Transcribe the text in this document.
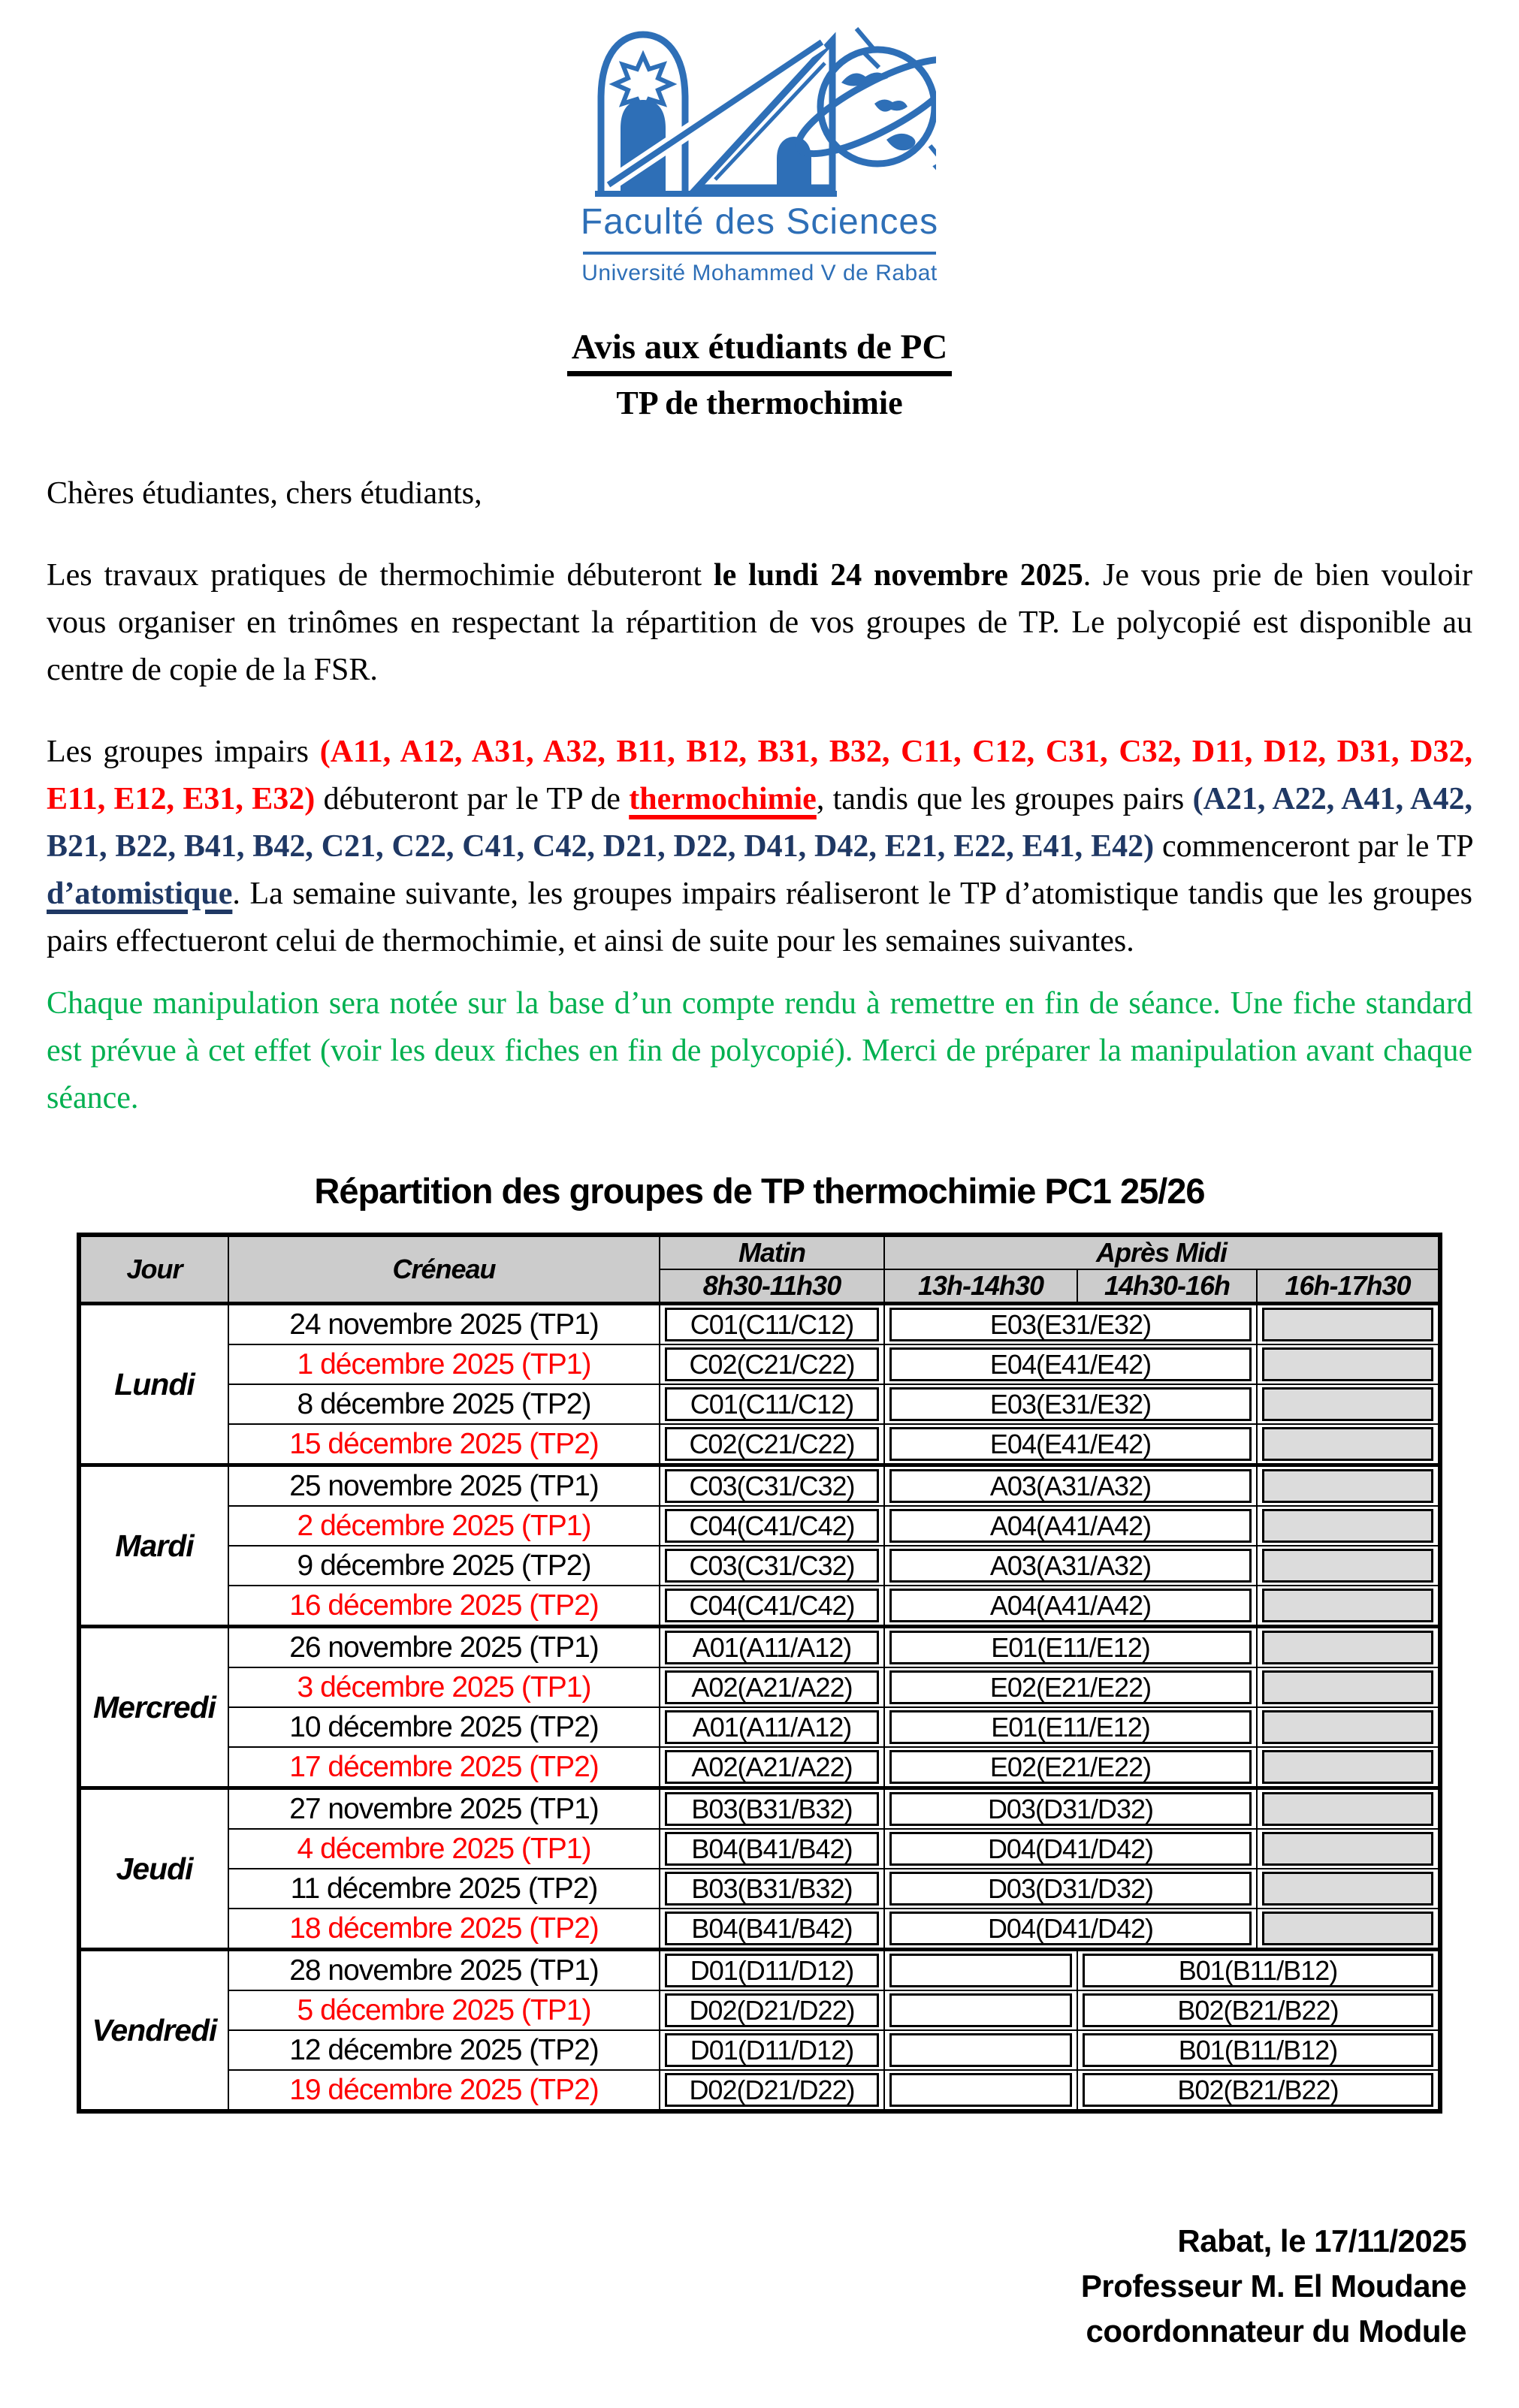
Faculté des Sciences
Université Mohammed V de Rabat
Avis aux étudiants de PC
TP de thermochimie

Chères étudiantes, chers étudiants,

Les travaux pratiques de thermochimie débuteront le lundi 24 novembre 2025. Je vous prie de bien vouloir vous organiser en trinômes en respectant la répartition de vos groupes de TP. Le polycopié est disponible au centre de copie de la FSR.

Les groupes impairs (A11, A12, A31, A32, B11, B12, B31, B32, C11, C12, C31, C32, D11, D12, D31, D32, E11, E12, E31, E32) débuteront par le TP de thermochimie, tandis que les groupes pairs (A21, A22, A41, A42, B21, B22, B41, B42, C21, C22, C41, C42, D21, D22, D41, D42, E21, E22, E41, E42) commenceront par le TP d’atomistique. La semaine suivante, les groupes impairs réaliseront le TP d’atomistique tandis que les groupes pairs effectueront celui de thermochimie, et ainsi de suite pour les semaines suivantes.

Chaque manipulation sera notée sur la base d’un compte rendu à remettre en fin de séance. Une fiche standard est prévue à cet effet (voir les deux fiches en fin de polycopié). Merci de préparer la manipulation avant chaque séance.

Répartition des groupes de TP thermochimie PC1 25/26
Jour	Créneau	Matin	Après Midi		
		8h30-11h30	13h-14h30	14h30-16h	16h-17h30
Lundi	24 novembre 2025 (TP1)	C01(C11/C12)	E03(E31/E32)		

	1 décembre 2025 (TP1)	C02(C21/C22)	E04(E41/E42)		

	8 décembre 2025 (TP2)	C01(C11/C12)	E03(E31/E32)		

	15 décembre 2025 (TP2)	C02(C21/C22)	E04(E41/E42)		

Mardi	25 novembre 2025 (TP1)	C03(C31/C32)	A03(A31/A32)		

	2 décembre 2025 (TP1)	C04(C41/C42)	A04(A41/A42)		

	9 décembre 2025 (TP2)	C03(C31/C32)	A03(A31/A32)		

	16 décembre 2025 (TP2)	C04(C41/C42)	A04(A41/A42)		

Mercredi	26 novembre 2025 (TP1)	A01(A11/A12)	E01(E11/E12)		

	3 décembre 2025 (TP1)	A02(A21/A22)	E02(E21/E22)		

	10 décembre 2025 (TP2)	A01(A11/A12)	E01(E11/E12)		

	17 décembre 2025 (TP2)	A02(A21/A22)	E02(E21/E22)		

Jeudi	27 novembre 2025 (TP1)	B03(B31/B32)	D03(D31/D32)		

	4 décembre 2025 (TP1)	B04(B41/B42)	D04(D41/D42)		

	11 décembre 2025 (TP2)	B03(B31/B32)	D03(D31/D32)		

	18 décembre 2025 (TP2)	B04(B41/B42)	D04(D41/D42)		

Vendredi	28 novembre 2025 (TP1)	D01(D11/D12)		B01(B11/B12)	

	5 décembre 2025 (TP1)	D02(D21/D22)		B02(B21/B22)	

	12 décembre 2025 (TP2)	D01(D11/D12)		B01(B11/B12)	

	19 décembre 2025 (TP2)	D02(D21/D22)		B02(B21/B22)	
Rabat, le 17/11/2025
Professeur M. El Moudane
coordonnateur du Module
